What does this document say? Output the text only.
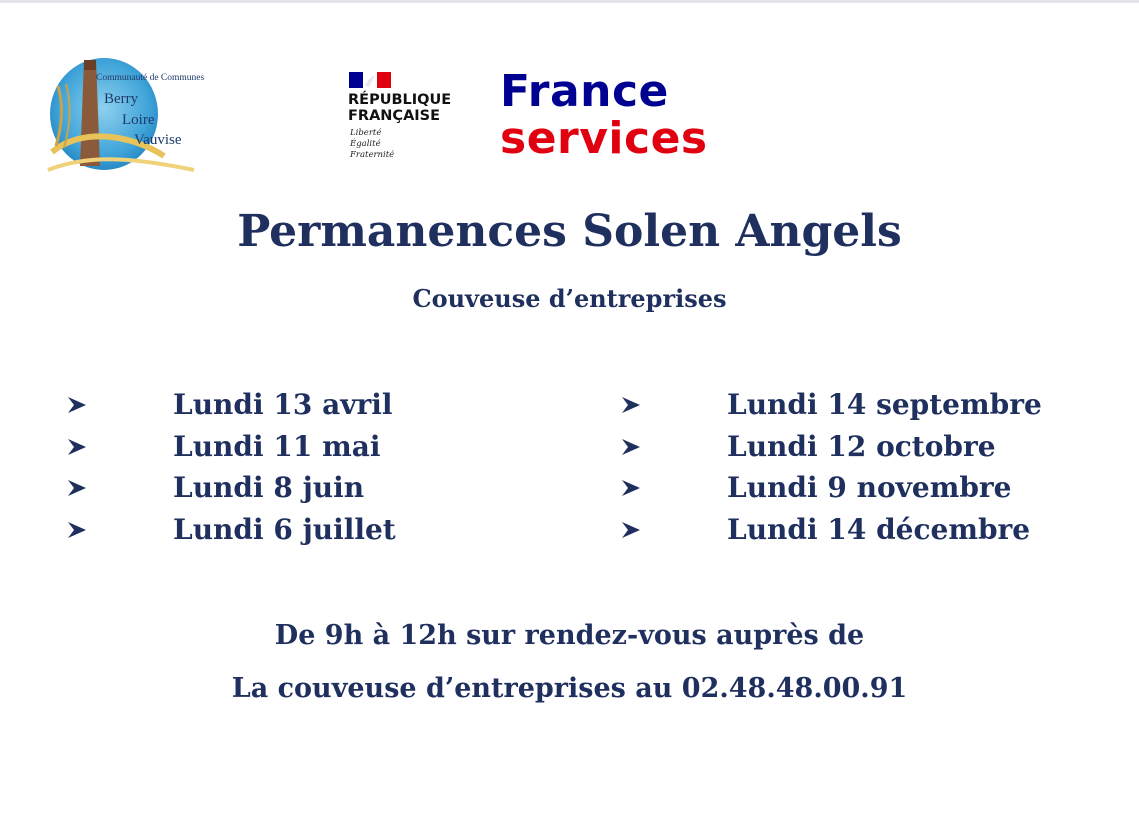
Communauté de Communes
Berry
Loire
Vauvise
RÉPUBLIQUE
FRANÇAISE
Liberté
Égalité
Fraternité
France
services
Permanences Solen Angels
Couveuse d’entreprises
Lundi 13 avril
Lundi 11 mai
Lundi 8 juin
Lundi 6 juillet
Lundi 14 septembre
Lundi 12 octobre
Lundi 9 novembre
Lundi 14 décembre
De 9h à 12h sur rendez-vous auprès de
La couveuse d’entreprises au 02.48.48.00.91
